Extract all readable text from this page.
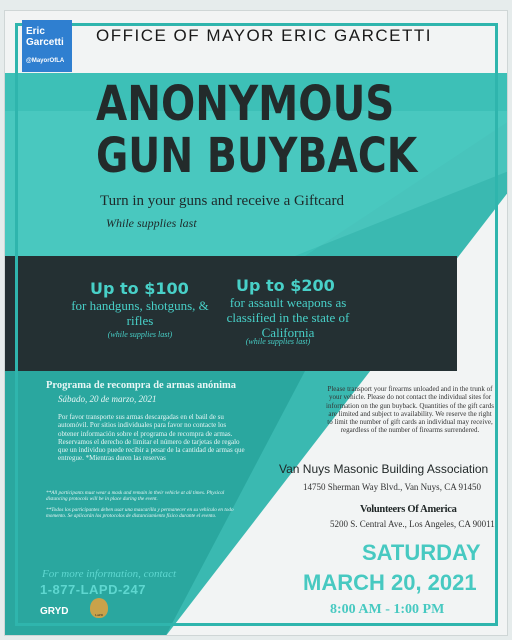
Eric
Garcetti
@MayorOfLA
OFFICE OF MAYOR ERIC GARCETTI
ANONYMOUS
GUN BUYBACK
Turn in your guns and receive a Giftcard
While supplies last
Up to $100
for handguns, shotguns, & rifles
(while supplies last)
Up to $200
for assault weapons as classified in the state of California
(while supplies last)
Programa de recompra de armas anónima
Sábado, 20 de marzo, 2021
Por favor transporte sus armas descargadas en el baúl de su automóvil. Por sitios individuales para favor no contacte los obtener información sobre el programa de recompra de armas. Reservamos el derecho de limitar el número de tarjetas de regalo que un individuo puede recibir a pesar de la cantidad de armas que entregue. *Mientras duren las reservas
**All participants must wear a mask and remain in their vehicle at all times. Physical distancing protocols will be in place during the event.
**Todos los participantes deben usar una mascarilla y permanecer en su vehículo en todo momento. Se aplicarán los protocolos de distanciamiento físico durante el evento.
For more information, contact
1-877-LAPD-247
GRYD	LAPD
Please transport your firearms unloaded and in the trunk of your vehicle. Please do not contact the individual sites for information on the gun buyback. Quantities of the gift cards are limited and subject to availability. We reserve the right to limit the number of gift cards an individual may receive, regardless of the number of firearms surrendered.
Van Nuys Masonic Building Association
14750 Sherman Way Blvd., Van Nuys, CA 91450
Volunteers Of America
5200 S. Central Ave., Los Angeles, CA 90011
SATURDAY
MARCH 20, 2021
8:00 AM - 1:00 PM
